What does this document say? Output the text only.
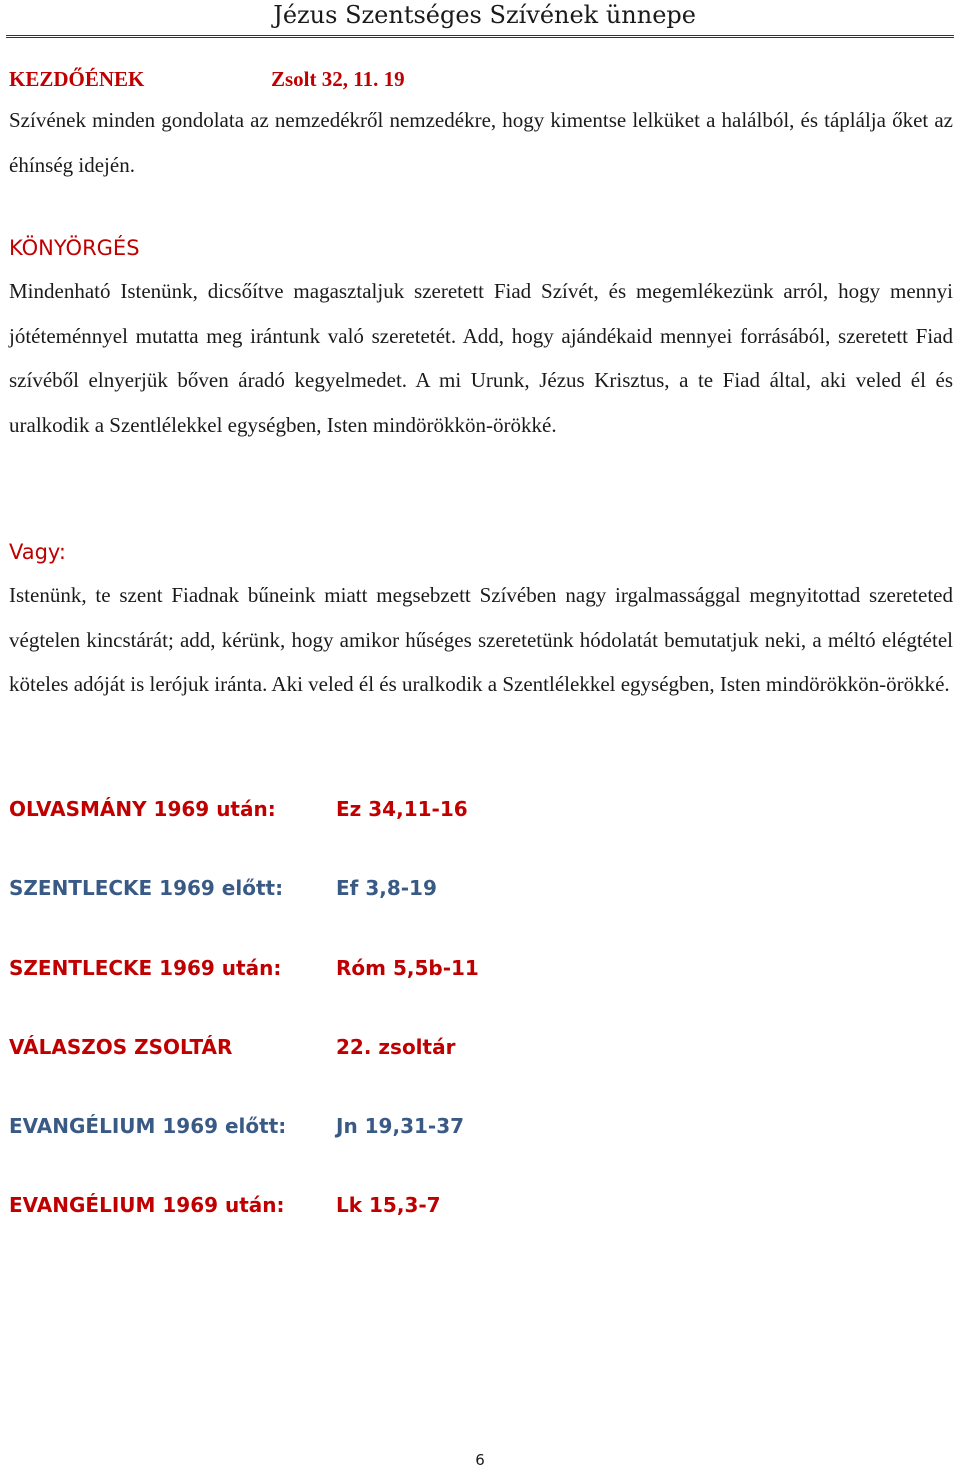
Jézus Szentséges Szívének ünnepe
KEZDŐÉNEK	Zsolt 32, 11. 19

Szívének minden gondolata az nemzedékről nemzedékre, hogy kimentse lelküket a halálból, és táplálja őket az éhínség idején.

KÖNYÖRGÉS

Mindenható Istenünk, dicsőítve magasztaljuk szeretett Fiad Szívét, és megemlékezünk arról, hogy mennyi jótéteménnyel mutatta meg irántunk való szeretetét. Add, hogy ajándékaid mennyei forrásából, szeretett Fiad szívéből elnyerjük bőven áradó kegyelmedet. A mi Urunk, Jézus Krisztus, a te Fiad által, aki veled él és uralkodik a Szentlélekkel egységben, Isten mindörökkön-örökké.

Vagy:

Istenünk, te szent Fiadnak bűneink miatt megsebzett Szívében nagy irgalmassággal megnyitottad szereteted végtelen kincstárát; add, kérünk, hogy amikor hűséges szeretetünk hódolatát bemutatjuk neki, a méltó elégtétel köteles adóját is lerójuk iránta. Aki veled él és uralkodik a Szentlélekkel egységben, Isten mindörökkön-örökké.

OLVASMÁNY 1969 után:	Ez 34,11-16
SZENTLECKE 1969 előtt:	Ef 3,8-19
SZENTLECKE 1969 után:	Róm 5,5b-11
VÁLASZOS ZSOLTÁR	22. zsoltár
EVANGÉLIUM 1969 előtt: Jn 19,31-37
EVANGÉLIUM 1969 után:	Lk 15,3-7
6
